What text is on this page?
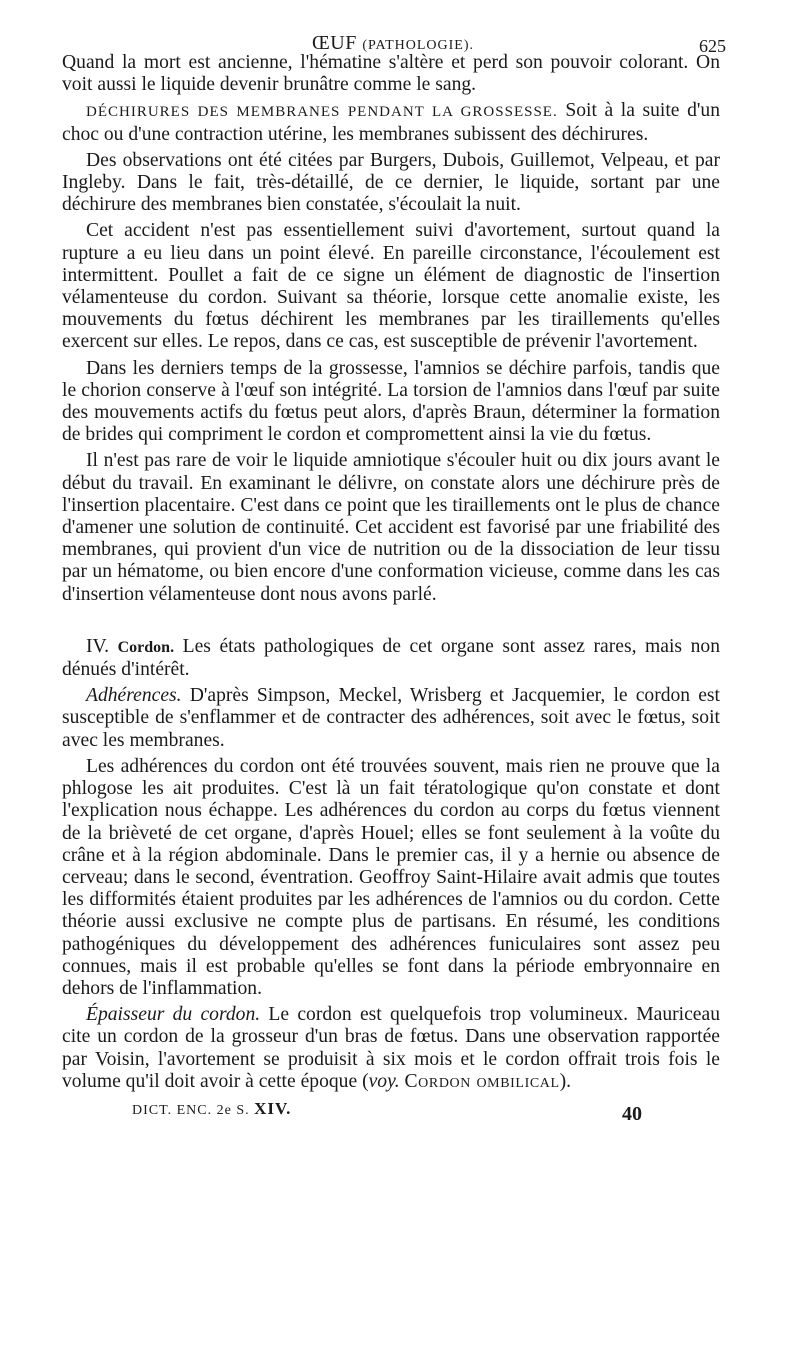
ŒUF (PATHOLOGIE).	625

Quand la mort est ancienne, l'hématine s'altère et perd son pouvoir colorant. On voit aussi le liquide devenir brunâtre comme le sang.

DÉCHIRURES DES MEMBRANES PENDANT LA GROSSESSE. Soit à la suite d'un choc ou d'une contraction utérine, les membranes subissent des déchirures.

Des observations ont été citées par Burgers, Dubois, Guillemot, Velpeau, et par Ingleby. Dans le fait, très-détaillé, de ce dernier, le liquide, sortant par une déchirure des membranes bien constatée, s'écoulait la nuit.

Cet accident n'est pas essentiellement suivi d'avortement, surtout quand la rupture a eu lieu dans un point élevé. En pareille circonstance, l'écoulement est intermittent. Poullet a fait de ce signe un élément de diagnostic de l'insertion vélamenteuse du cordon. Suivant sa théorie, lorsque cette anomalie existe, les mouvements du fœtus déchirent les membranes par les tiraillements qu'elles exercent sur elles. Le repos, dans ce cas, est susceptible de prévenir l'avortement.

Dans les derniers temps de la grossesse, l'amnios se déchire parfois, tandis que le chorion conserve à l'œuf son intégrité. La torsion de l'amnios dans l'œuf par suite des mouvements actifs du fœtus peut alors, d'après Braun, déterminer la formation de brides qui compriment le cordon et compromettent ainsi la vie du fœtus.

Il n'est pas rare de voir le liquide amniotique s'écouler huit ou dix jours avant le début du travail. En examinant le délivre, on constate alors une déchirure près de l'insertion placentaire. C'est dans ce point que les tiraillements ont le plus de chance d'amener une solution de continuité. Cet accident est favorisé par une friabilité des membranes, qui provient d'un vice de nutrition ou de la dissociation de leur tissu par un hématome, ou bien encore d'une conformation vicieuse, comme dans les cas d'insertion vélamenteuse dont nous avons parlé.

IV. Cordon. Les états pathologiques de cet organe sont assez rares, mais non dénués d'intérêt.

Adhérences. D'après Simpson, Meckel, Wrisberg et Jacquemier, le cordon est susceptible de s'enflammer et de contracter des adhérences, soit avec le fœtus, soit avec les membranes.

Les adhérences du cordon ont été trouvées souvent, mais rien ne prouve que la phlogose les ait produites. C'est là un fait tératologique qu'on constate et dont l'explication nous échappe. Les adhérences du cordon au corps du fœtus viennent de la brièveté de cet organe, d'après Houel; elles se font seulement à la voûte du crâne et à la région abdominale. Dans le premier cas, il y a hernie ou absence de cerveau; dans le second, éventration. Geoffroy Saint-Hilaire avait admis que toutes les difformités étaient produites par les adhérences de l'amnios ou du cordon. Cette théorie aussi exclusive ne compte plus de partisans. En résumé, les conditions pathogéniques du développement des adhérences funiculaires sont assez peu connues, mais il est probable qu'elles se font dans la période embryonnaire en dehors de l'inflammation.

Épaisseur du cordon. Le cordon est quelquefois trop volumineux. Mauriceau cite un cordon de la grosseur d'un bras de fœtus. Dans une observation rapportée par Voisin, l'avortement se produisit à six mois et le cordon offrait trois fois le volume qu'il doit avoir à cette époque (voy. Cordon ombilical).

DICT. ENC. 2e S. XIV.	40
